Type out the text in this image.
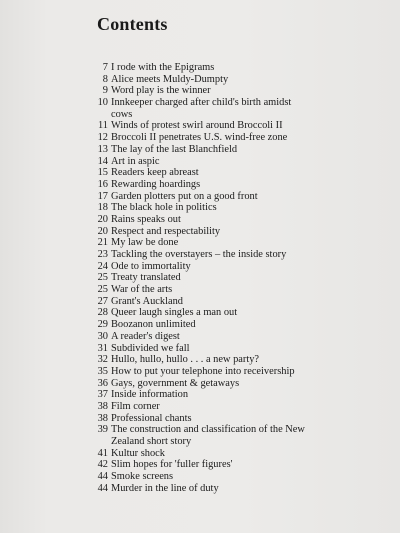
Contents
7 I rode with the Epigrams
8 Alice meets Muldy-Dumpty
9 Word play is the winner
10 Innkeeper charged after child's birth amidst cows
11 Winds of protest swirl around Broccoli II
12 Broccoli II penetrates U.S. wind-free zone
13 The lay of the last Blanchfield
14 Art in aspic
15 Readers keep abreast
16 Rewarding hoardings
17 Garden plotters put on a good front
18 The black hole in politics
20 Rains speaks out
20 Respect and respectability
21 My law be done
23 Tackling the overstayers – the inside story
24 Ode to immortality
25 Treaty translated
25 War of the arts
27 Grant's Auckland
28 Queer laugh singles a man out
29 Boozanon unlimited
30 A reader's digest
31 Subdivided we fall
32 Hullo, hullo, hullo . . . a new party?
35 How to put your telephone into receivership
36 Gays, government & getaways
37 Inside information
38 Film corner
38 Professional chants
39 The construction and classification of the New Zealand short story
41 Kultur shock
42 Slim hopes for 'fuller figures'
44 Smoke screens
44 Murder in the line of duty
